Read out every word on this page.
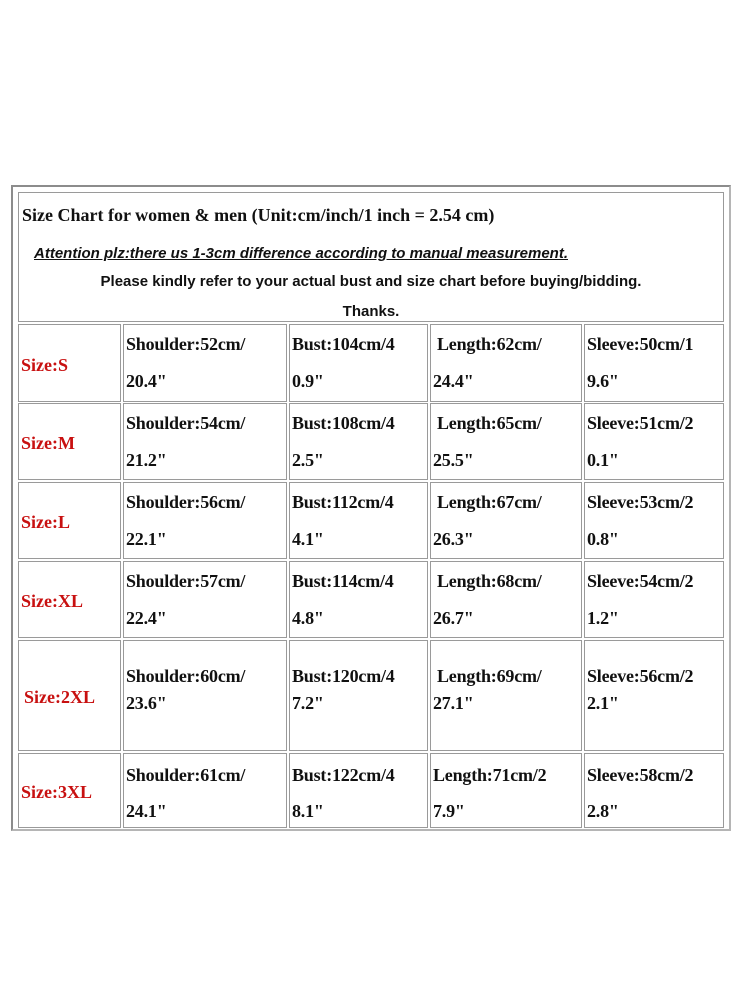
Size Chart for women & men (Unit:cm/inch/1 inch = 2.54 cm)
Attention plz:there us 1-3cm difference according to manual measurement.
Please kindly refer to your actual bust and size chart before buying/bidding.
Thanks.
Size:S
Shoulder:52cm/
20.4"
Bust:104cm/4
0.9"
Length:62cm/
24.4"
Sleeve:50cm/1
9.6"
Size:M
Shoulder:54cm/
21.2"
Bust:108cm/4
2.5"
Length:65cm/
25.5"
Sleeve:51cm/2
0.1"
Size:L
Shoulder:56cm/
22.1"
Bust:112cm/4
4.1"
Length:67cm/
26.3"
Sleeve:53cm/2
0.8"
Size:XL
Shoulder:57cm/
22.4"
Bust:114cm/4
4.8"
Length:68cm/
26.7"
Sleeve:54cm/2
1.2"
Size:2XL
Shoulder:60cm/
23.6"
Bust:120cm/4
7.2"
Length:69cm/
27.1"
Sleeve:56cm/2
2.1"
Size:3XL
Shoulder:61cm/
24.1"
Bust:122cm/4
8.1"
Length:71cm/2
7.9"
Sleeve:58cm/2
2.8"
